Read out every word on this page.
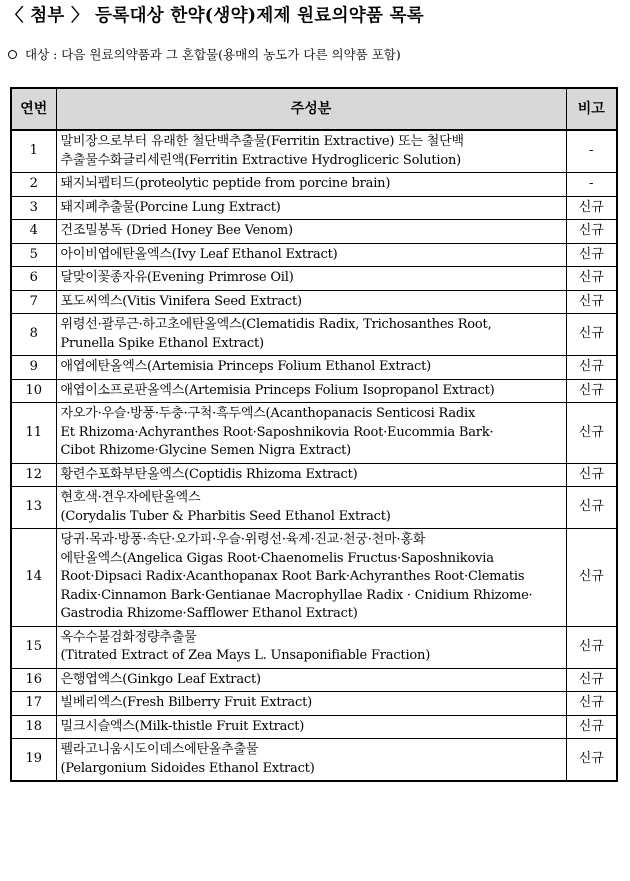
〈 첨부 〉 등록대상 한약(생약)제제 원료의약품 목록
대상 : 다음 원료의약품과 그 혼합물(용매의 농도가 다른 의약품 포함)
연번	주성분	비고
1	말비장으로부터 유래한 철단백추출물(Ferritin Extractive) 또는 철단백
추출물수화글리세린액(Ferritin Extractive Hydrogliceric Solution)	-
2	돼지뇌펩티드(proteolytic peptide from porcine brain)	-
3	돼지폐추출물(Porcine Lung Extract)	신규
4	건조밀봉독 (Dried Honey Bee Venom)	신규
5	아이비엽에탄올엑스(Ivy Leaf Ethanol Extract)	신규
6	달맞이꽃종자유(Evening Primrose Oil)	신규
7	포도씨엑스(Vitis Vinifera Seed Extract)	신규
8	위령선·괄루근·하고초에탄올엑스(Clematidis Radix, Trichosanthes Root,
Prunella Spike Ethanol Extract)	신규
9	애엽에탄올엑스(Artemisia Princeps Folium Ethanol Extract)	신규
10	애엽이소프로판올엑스(Artemisia Princeps Folium Isopropanol Extract)	신규
11	자오가·우슬·방풍·두충·구척·흑두엑스(Acanthopanacis Senticosi Radix
Et Rhizoma·Achyranthes Root·Saposhnikovia Root·Eucommia Bark·
Cibot Rhizome·Glycine Semen Nigra Extract)	신규
12	황련수포화부탄올엑스(Coptidis Rhizoma Extract)	신규
13	현호색·견우자에탄올엑스
(Corydalis Tuber & Pharbitis Seed Ethanol Extract)	신규
14	당귀·목과·방풍·속단·오가피·우슬·위령선·육계·진교·천궁·천마·홍화
에탄올엑스(Angelica Gigas Root·Chaenomelis Fructus·Saposhnikovia
Root·Dipsaci Radix·Acanthopanax Root Bark·Achyranthes Root·Clematis
Radix·Cinnamon Bark·Gentianae Macrophyllae Radix · Cnidium Rhizome·
Gastrodia Rhizome·Safflower Ethanol Extract)	신규
15	옥수수불검화정량추출물
(Titrated Extract of Zea Mays L. Unsaponifiable Fraction)	신규
16	은행엽엑스(Ginkgo Leaf Extract)	신규
17	빌베리엑스(Fresh Bilberry Fruit Extract)	신규
18	밀크시슬엑스(Milk-thistle Fruit Extract)	신규
19	펠라고니움시도이데스에탄올추출물
(Pelargonium Sidoides Ethanol Extract)	신규
